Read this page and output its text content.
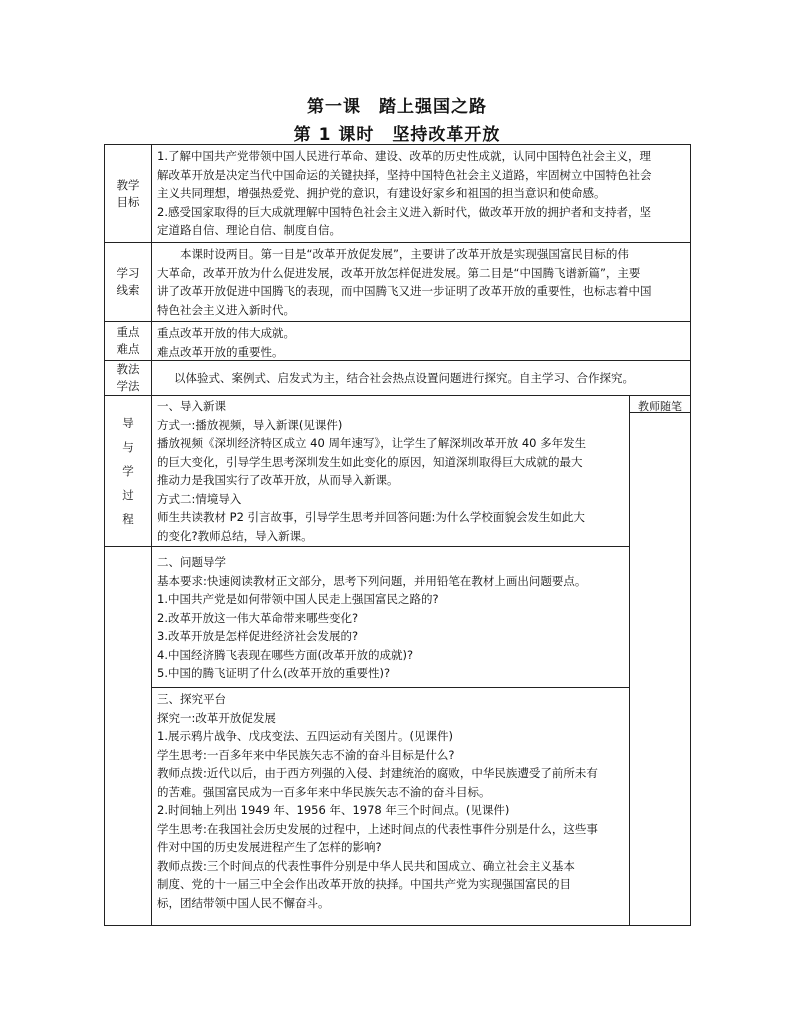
第一课　踏上强国之路
第 1 课时　坚持改革开放
教学
目标
1.了解中国共产党带领中国人民进行革命、建设、改革的历史性成就，认同中国特色社会主义，理
解改革开放是决定当代中国命运的关键抉择，坚持中国特色社会主义道路，牢固树立中国特色社会
主义共同理想，增强热爱党、拥护党的意识，有建设好家乡和祖国的担当意识和使命感。
2.感受国家取得的巨大成就理解中国特色社会主义进入新时代，做改革开放的拥护者和支持者，坚
定道路自信、理论自信、制度自信。
学习
线索
本课时设两目。第一目是“改革开放促发展”，主要讲了改革开放是实现强国富民目标的伟
大革命，改革开放为什么促进发展，改革开放怎样促进发展。第二目是“中国腾飞谱新篇”，主要
讲了改革开放促进中国腾飞的表现，而中国腾飞又进一步证明了改革开放的重要性，也标志着中国
特色社会主义进入新时代。
重点
难点
重点改革开放的伟大成就。
难点改革开放的重要性。
教法
学法
以体验式、案例式、启发式为主，结合社会热点设置问题进行探究。自主学习、合作探究。
导
与
学
过
程
一、导入新课
方式一:播放视频，导入新课(见课件)
播放视频《深圳经济特区成立 40 周年速写》，让学生了解深圳改革开放 40 多年发生
的巨大变化，引导学生思考深圳发生如此变化的原因，知道深圳取得巨大成就的最大
推动力是我国实行了改革开放，从而导入新课。
方式二:情境导入
师生共读教材 P2 引言故事，引导学生思考并回答问题:为什么学校面貌会发生如此大
的变化?教师总结，导入新课。
二、问题导学
基本要求:快速阅读教材正文部分，思考下列问题，并用铅笔在教材上画出问题要点。
1.中国共产党是如何带领中国人民走上强国富民之路的?
2.改革开放这一伟大革命带来哪些变化?
3.改革开放是怎样促进经济社会发展的?
4.中国经济腾飞表现在哪些方面(改革开放的成就)?
5.中国的腾飞证明了什么(改革开放的重要性)?
三、探究平台
探究一:改革开放促发展
1.展示鸦片战争、戊戌变法、五四运动有关图片。(见课件)
学生思考:一百多年来中华民族矢志不渝的奋斗目标是什么?
教师点拨:近代以后，由于西方列强的入侵、封建统治的腐败，中华民族遭受了前所未有
的苦难。强国富民成为一百多年来中华民族矢志不渝的奋斗目标。
2.时间轴上列出 1949 年、1956 年、1978 年三个时间点。(见课件)
学生思考:在我国社会历史发展的过程中，上述时间点的代表性事件分别是什么，这些事
件对中国的历史发展进程产生了怎样的影响?
教师点拨:三个时间点的代表性事件分别是中华人民共和国成立、确立社会主义基本
制度、党的十一届三中全会作出改革开放的抉择。中国共产党为实现强国富民的目
标，团结带领中国人民不懈奋斗。
教师随笔
